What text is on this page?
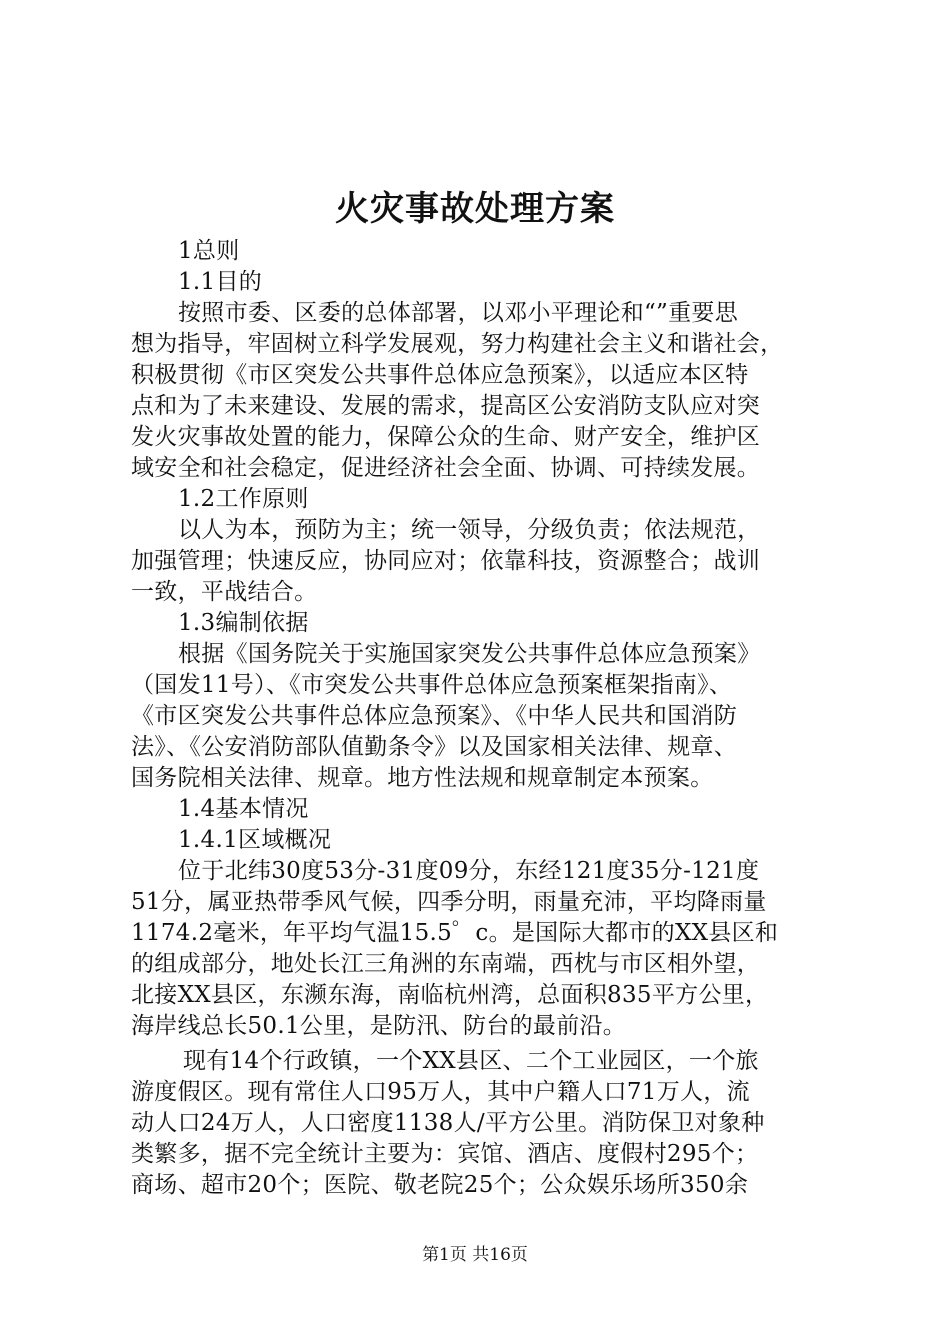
火灾事故处理方案
1总则
1.1目的
按照市委、区委的总体部署，以邓小平理论和“”重要思
想为指导，牢固树立科学发展观，努力构建社会主义和谐社会，
积极贯彻《市区突发公共事件总体应急预案》，以适应本区特
点和为了未来建设、发展的需求，提高区公安消防支队应对突
发火灾事故处置的能力，保障公众的生命、财产安全，维护区
域安全和社会稳定，促进经济社会全面、协调、可持续发展。
1.2工作原则
以人为本，预防为主；统一领导，分级负责；依法规范，
加强管理；快速反应，协同应对；依靠科技，资源整合；战训
一致，平战结合。
1.3编制依据
根据《国务院关于实施国家突发公共事件总体应急预案》
（国发11号）、《市突发公共事件总体应急预案框架指南》、
《市区突发公共事件总体应急预案》、《中华人民共和国消防
法》、《公安消防部队值勤条令》以及国家相关法律、规章、
国务院相关法律、规章。地方性法规和规章制定本预案。
1.4基本情况
1.4.1区域概况
位于北纬30度53分-31度09分，东经121度35分-121度
51分，属亚热带季风气候，四季分明，雨量充沛，平均降雨量
1174.2毫米，年平均气温15.5゜c。是国际大都市的XX县区和
的组成部分，地处长江三角洲的东南端，西枕与市区相外望，
北接XX县区，东濒东海，南临杭州湾，总面积835平方公里，
海岸线总长50.1公里，是防汛、防台的最前沿。
现有14个行政镇，一个XX县区、二个工业园区，一个旅
游度假区。现有常住人口95万人，其中户籍人口71万人，流
动人口24万人，人口密度1138人/平方公里。消防保卫对象种
类繁多，据不完全统计主要为：宾馆、酒店、度假村295个；
商场、超市20个；医院、敬老院25个；公众娱乐场所350余
第1页 共16页
